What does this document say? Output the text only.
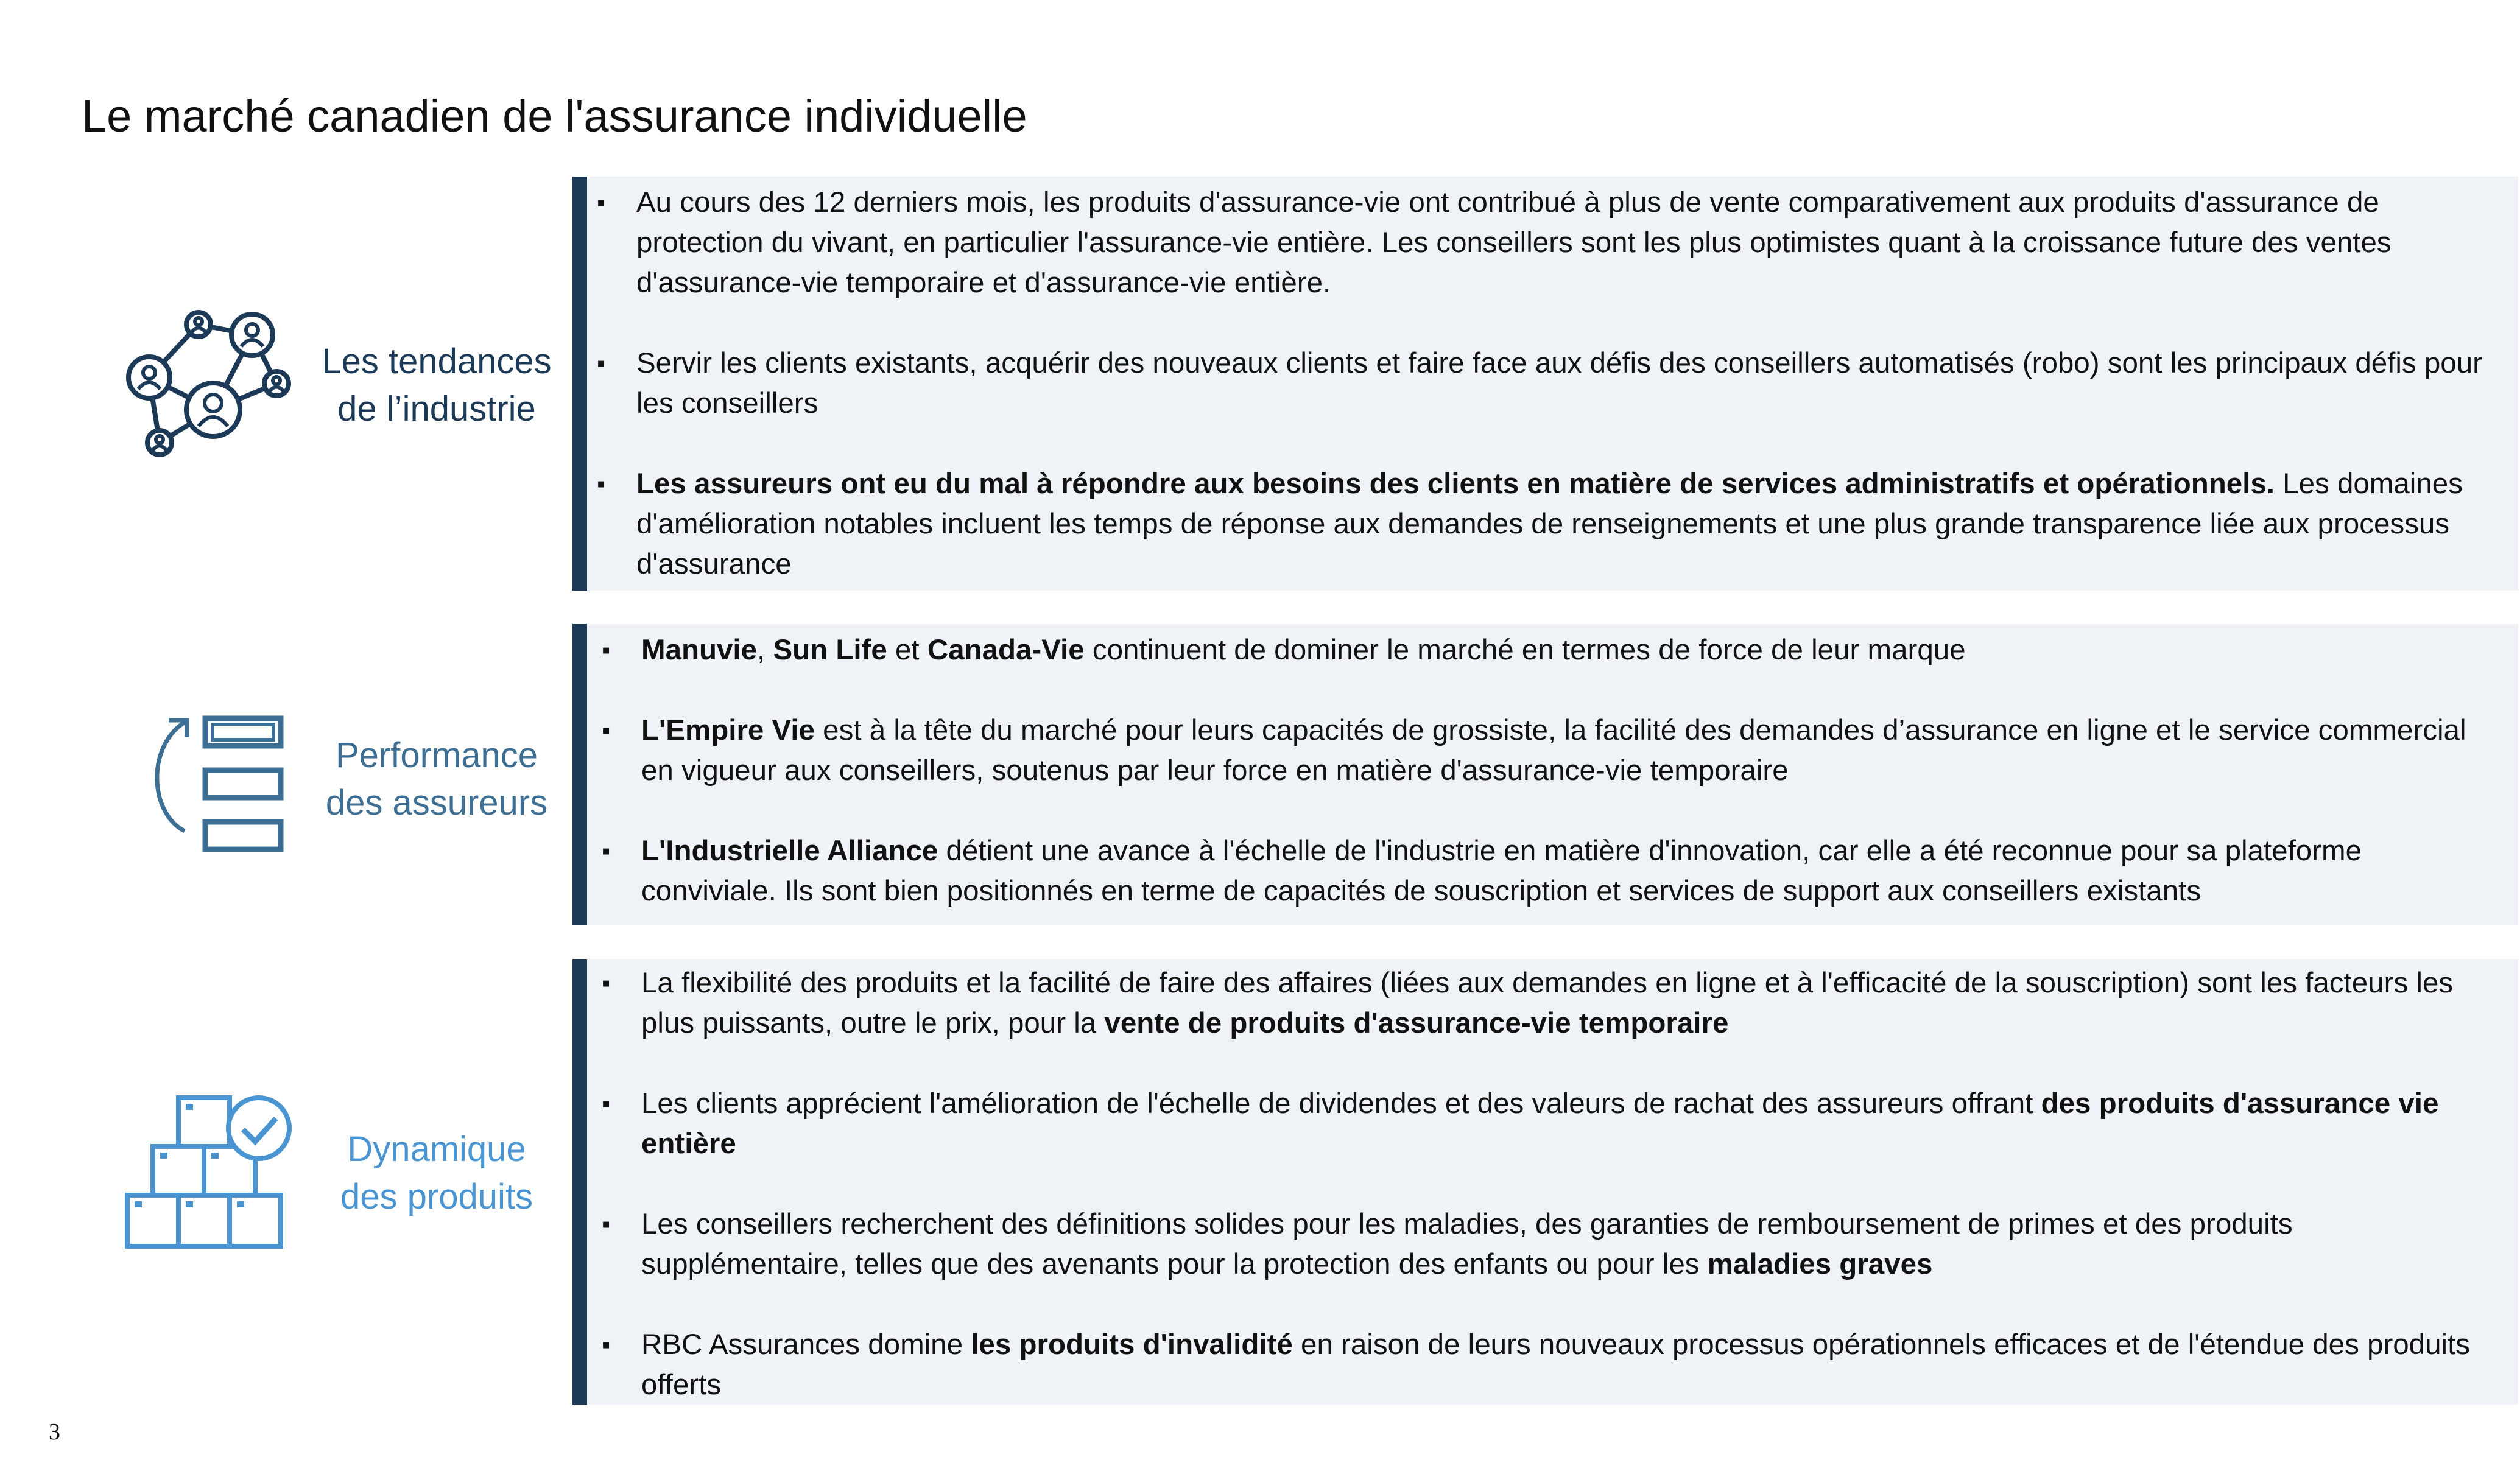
Le marché canadien de l'assurance individuelle
Les tendances
de l’industrie
▪ Au cours des 12 derniers mois, les produits d'assurance-vie ont contribué à plus de vente comparativement aux produits d'assurance de protection du vivant, en particulier l'assurance-vie entière. Les conseillers sont les plus optimistes quant à la croissance future des ventes d'assurance-vie temporaire et d'assurance-vie entière.
▪ Servir les clients existants, acquérir des nouveaux clients et faire face aux défis des conseillers automatisés (robo) sont les principaux défis pour les conseillers
▪ Les assureurs ont eu du mal à répondre aux besoins des clients en matière de services administratifs et opérationnels. Les domaines d'amélioration notables incluent les temps de réponse aux demandes de renseignements et une plus grande transparence liée aux processus d'assurance
Performance
des assureurs
▪ Manuvie, Sun Life et Canada-Vie continuent de dominer le marché en termes de force de leur marque
▪ L'Empire Vie est à la tête du marché pour leurs capacités de grossiste, la facilité des demandes d’assurance en ligne et le service commercial en vigueur aux conseillers, soutenus par leur force en matière d'assurance-vie temporaire
▪ L'Industrielle Alliance détient une avance à l'échelle de l'industrie en matière d'innovation, car elle a été reconnue pour sa plateforme conviviale. Ils sont bien positionnés en terme de capacités de souscription et services de support aux conseillers existants
Dynamique
des produits
▪ La flexibilité des produits et la facilité de faire des affaires (liées aux demandes en ligne et à l'efficacité de la souscription) sont les facteurs les plus puissants, outre le prix, pour la vente de produits d'assurance-vie temporaire
▪ Les clients apprécient l'amélioration de l'échelle de dividendes et des valeurs de rachat des assureurs offrant des produits d'assurance vie entière
▪ Les conseillers recherchent des définitions solides pour les maladies, des garanties de remboursement de primes et des produits supplémentaire, telles que des avenants pour la protection des enfants ou pour les maladies graves
▪ RBC Assurances domine les produits d'invalidité en raison de leurs nouveaux processus opérationnels efficaces et de l'étendue des produits offerts
3
